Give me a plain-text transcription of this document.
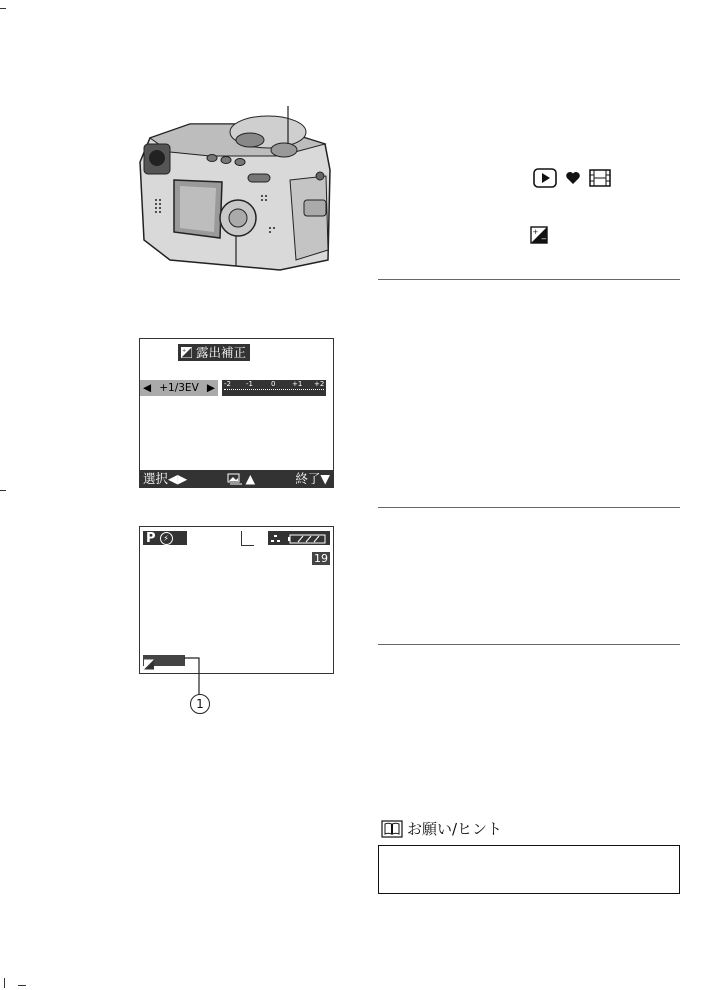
+ 露出補正
◀ +1/3EV ▶ -2 -1	0 +1 +2
選択◀▶	▲	終了▼
P ⚡
19
1
+
−
お願い/ヒント
